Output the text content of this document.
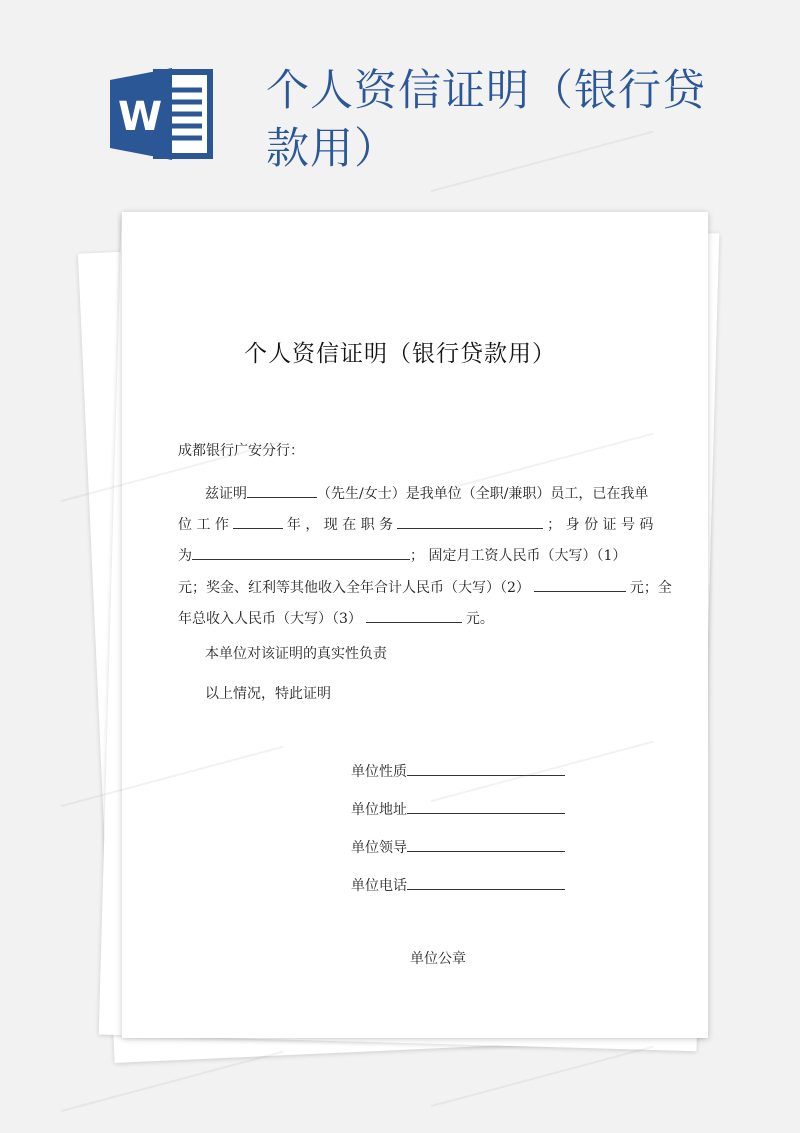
W
个人资信证明（银行贷
款用）
个人资信证明（银行贷款用）
成都银行广安分行：
兹证明	（先生/女士）是我单位（全职/兼职）员工，已在我单
位 工 作	年 ， 现 在 职 务	； 身 份 证 号 码
为	； 固定月工资人民币（大写）（1）
元；奖金、红利等其他收入全年合计人民币（大写）（2）	元；全
年总收入人民币（大写）（3）	元。
本单位对该证明的真实性负责
以上情况，特此证明
单位性质
单位地址
单位领导
单位电话
单位公章
